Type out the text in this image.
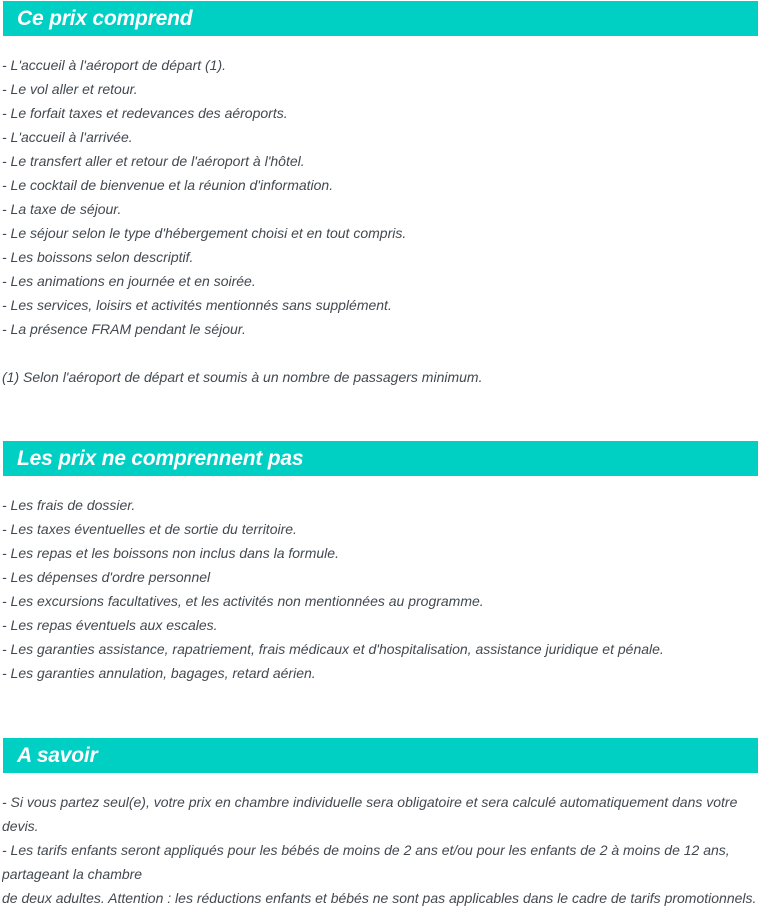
Ce prix comprend
- L'accueil à l'aéroport de départ (1).
- Le vol aller et retour.
- Le forfait taxes et redevances des aéroports.
- L'accueil à l'arrivée.
- Le transfert aller et retour de l'aéroport à l'hôtel.
- Le cocktail de bienvenue et la réunion d'information.
- La taxe de séjour.
- Le séjour selon le type d'hébergement choisi et en tout compris.
- Les boissons selon descriptif.
- Les animations en journée et en soirée.
- Les services, loisirs et activités mentionnés sans supplément.
- La présence FRAM pendant le séjour.
(1) Selon l'aéroport de départ et soumis à un nombre de passagers minimum.
Les prix ne comprennent pas
- Les frais de dossier.
- Les taxes éventuelles et de sortie du territoire.
- Les repas et les boissons non inclus dans la formule.
- Les dépenses d'ordre personnel
- Les excursions facultatives, et les activités non mentionnées au programme.
- Les repas éventuels aux escales.
- Les garanties assistance, rapatriement, frais médicaux et d'hospitalisation, assistance juridique et pénale.
- Les garanties annulation, bagages, retard aérien.
A savoir
- Si vous partez seul(e), votre prix en chambre individuelle sera obligatoire et sera calculé automatiquement dans votre
devis.
- Les tarifs enfants seront appliqués pour les bébés de moins de 2 ans et/ou pour les enfants de 2 à moins de 12 ans,
partageant la chambre
de deux adultes. Attention : les réductions enfants et bébés ne sont pas applicables dans le cadre de tarifs promotionnels.
